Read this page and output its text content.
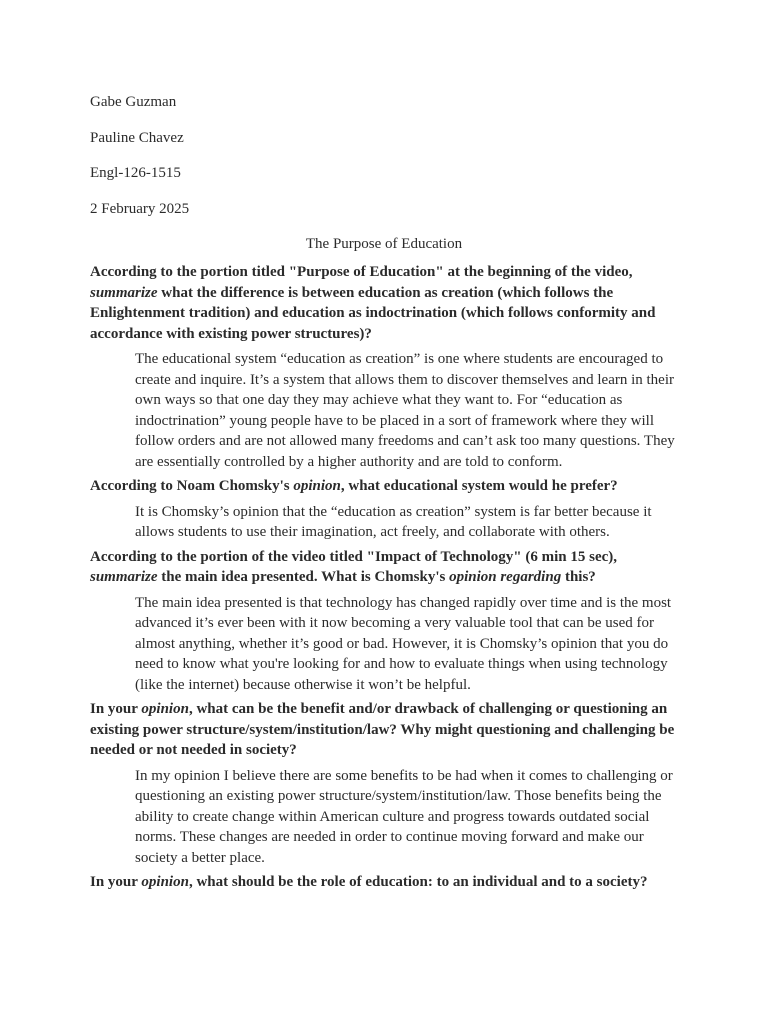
Gabe Guzman
Pauline Chavez
Engl-126-1515
2 February 2025
The Purpose of Education

According to the portion titled "Purpose of Education" at the beginning of the video, summarize what the difference is between education as creation (which follows the Enlightenment tradition) and education as indoctrination (which follows conformity and accordance with existing power structures)?

The educational system “education as creation” is one where students are encouraged to create and inquire. It’s a system that allows them to discover themselves and learn in their own ways so that one day they may achieve what they want to. For “education as indoctrination” young people have to be placed in a sort of framework where they will follow orders and are not allowed many freedoms and can’t ask too many questions. They are essentially controlled by a higher authority and are told to conform.

According to Noam Chomsky's opinion, what educational system would he prefer?

It is Chomsky’s opinion that the “education as creation” system is far better because it allows students to use their imagination, act freely, and collaborate with others.

According to the portion of the video titled "Impact of Technology" (6 min 15 sec), summarize the main idea presented. What is Chomsky's opinion regarding this?

The main idea presented is that technology has changed rapidly over time and is the most advanced it’s ever been with it now becoming a very valuable tool that can be used for almost anything, whether it’s good or bad. However, it is Chomsky’s opinion that you do need to know what you're looking for and how to evaluate things when using technology (like the internet) because otherwise it won’t be helpful.

In your opinion, what can be the benefit and/or drawback of challenging or questioning an existing power structure/system/institution/law? Why might questioning and challenging be needed or not needed in society?

In my opinion I believe there are some benefits to be had when it comes to challenging or questioning an existing power structure/system/institution/law. Those benefits being the ability to create change within American culture and progress towards outdated social norms. These changes are needed in order to continue moving forward and make our society a better place.

In your opinion, what should be the role of education: to an individual and to a society?
